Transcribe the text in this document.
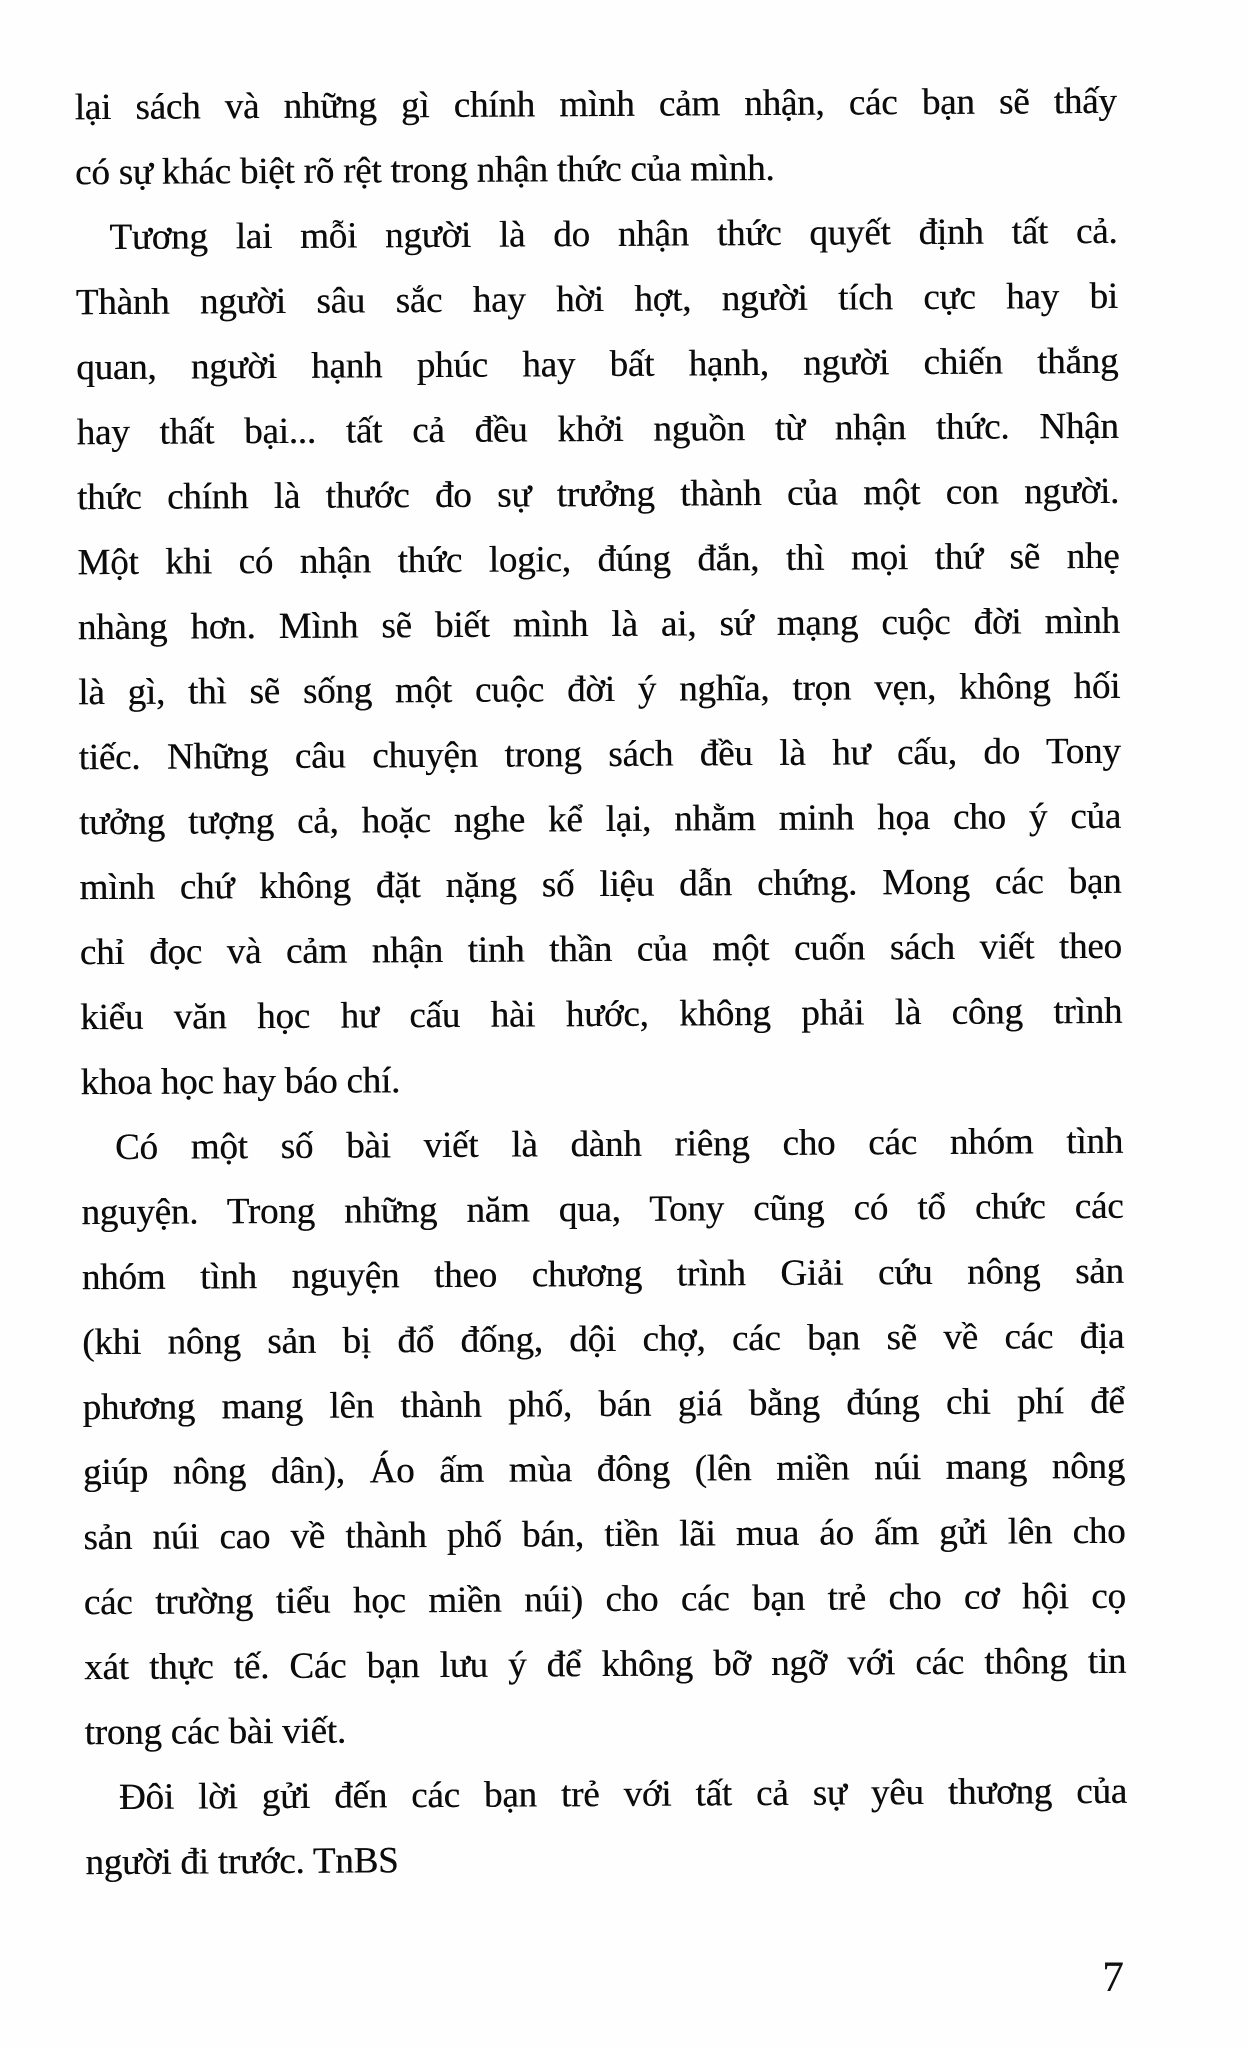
lại sách và những gì chính mình cảm nhận, các bạn sẽ thấy
có sự khác biệt rõ rệt trong nhận thức của mình.
Tương lai mỗi người là do nhận thức quyết định tất cả.
Thành người sâu sắc hay hời hợt, người tích cực hay bi
quan, người hạnh phúc hay bất hạnh, người chiến thắng
hay thất bại... tất cả đều khởi nguồn từ nhận thức. Nhận
thức chính là thước đo sự trưởng thành của một con người.
Một khi có nhận thức logic, đúng đắn, thì mọi thứ sẽ nhẹ
nhàng hơn. Mình sẽ biết mình là ai, sứ mạng cuộc đời mình
là gì, thì sẽ sống một cuộc đời ý nghĩa, trọn vẹn, không hối
tiếc. Những câu chuyện trong sách đều là hư cấu, do Tony
tưởng tượng cả, hoặc nghe kể lại, nhằm minh họa cho ý của
mình chứ không đặt nặng số liệu dẫn chứng. Mong các bạn
chỉ đọc và cảm nhận tinh thần của một cuốn sách viết theo
kiểu văn học hư cấu hài hước, không phải là công trình
khoa học hay báo chí.
Có một số bài viết là dành riêng cho các nhóm tình
nguyện. Trong những năm qua, Tony cũng có tổ chức các
nhóm tình nguyện theo chương trình Giải cứu nông sản
(khi nông sản bị đổ đống, dội chợ, các bạn sẽ về các địa
phương mang lên thành phố, bán giá bằng đúng chi phí để
giúp nông dân), Áo ấm mùa đông (lên miền núi mang nông
sản núi cao về thành phố bán, tiền lãi mua áo ấm gửi lên cho
các trường tiểu học miền núi) cho các bạn trẻ cho cơ hội cọ
xát thực tế. Các bạn lưu ý để không bỡ ngỡ với các thông tin
trong các bài viết.
Đôi lời gửi đến các bạn trẻ với tất cả sự yêu thương của
người đi trước. TnBS
7
